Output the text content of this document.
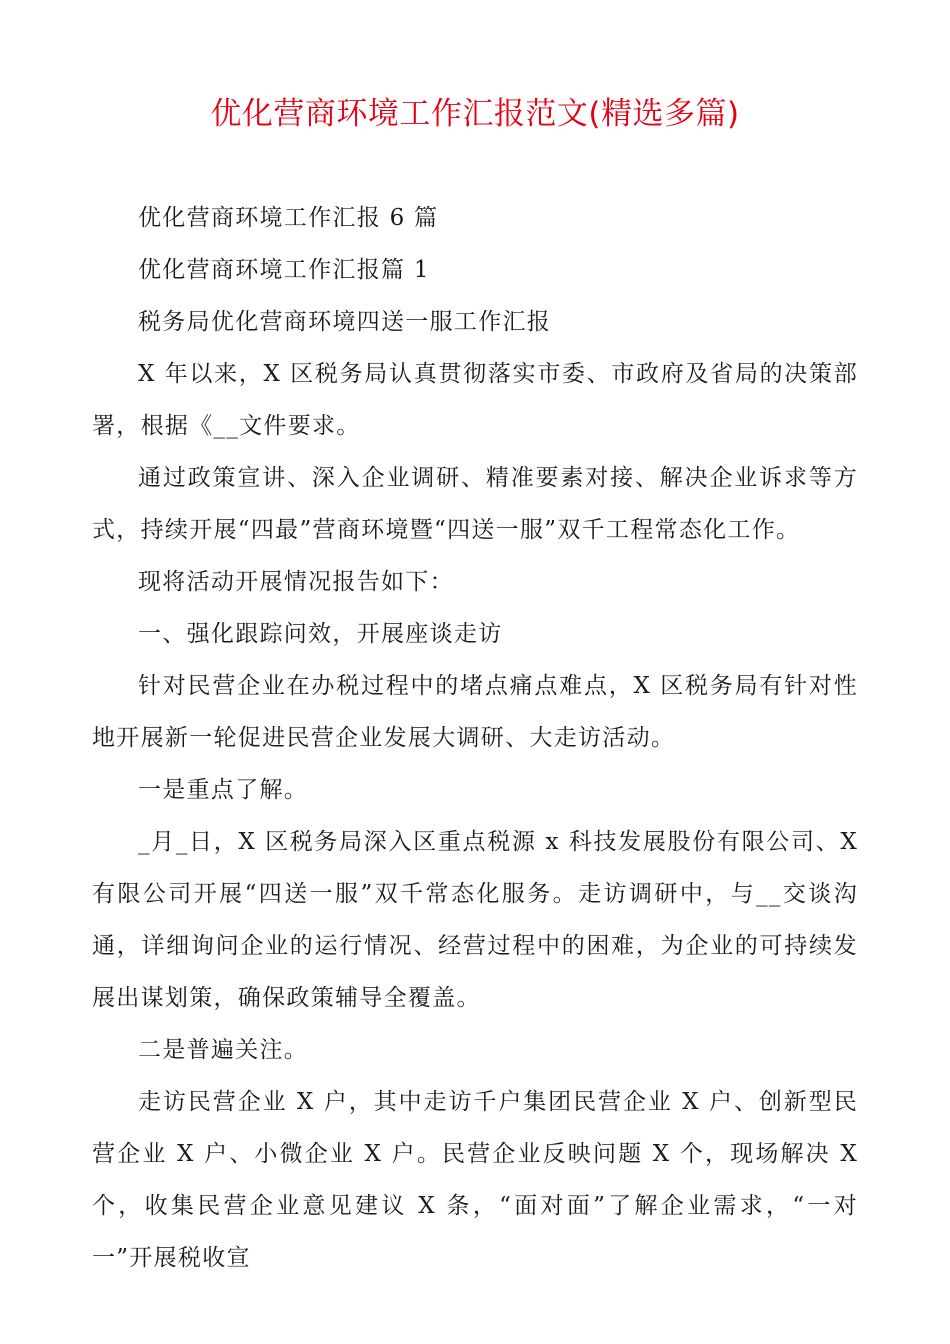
优化营商环境工作汇报范文(精选多篇)

优化营商环境工作汇报 6 篇

优化营商环境工作汇报篇 1

税务局优化营商环境四送一服工作汇报

X 年以来，X 区税务局认真贯彻落实市委、市政府及省局的决策部署，根据《__文件要求。

通过政策宣讲、深入企业调研、精准要素对接、解决企业诉求等方式，持续开展“四最”营商环境暨“四送一服”双千工程常态化工作。

现将活动开展情况报告如下：

一、强化跟踪问效，开展座谈走访

针对民营企业在办税过程中的堵点痛点难点，X 区税务局有针对性地开展新一轮促进民营企业发展大调研、大走访活动。

一是重点了解。

_月_日，X 区税务局深入区重点税源 x 科技发展股份有限公司、X 有限公司开展“四送一服”双千常态化服务。走访调研中，与__交谈沟通，详细询问企业的运行情况、经营过程中的困难，为企业的可持续发展出谋划策，确保政策辅导全覆盖。

二是普遍关注。

走访民营企业 X 户，其中走访千户集团民营企业 X 户、创新型民营企业 X 户、小微企业 X 户。民营企业反映问题 X 个，现场解决 X 个，收集民营企业意见建议 X 条，“面对面”了解企业需求，“一对一”开展税收宣
